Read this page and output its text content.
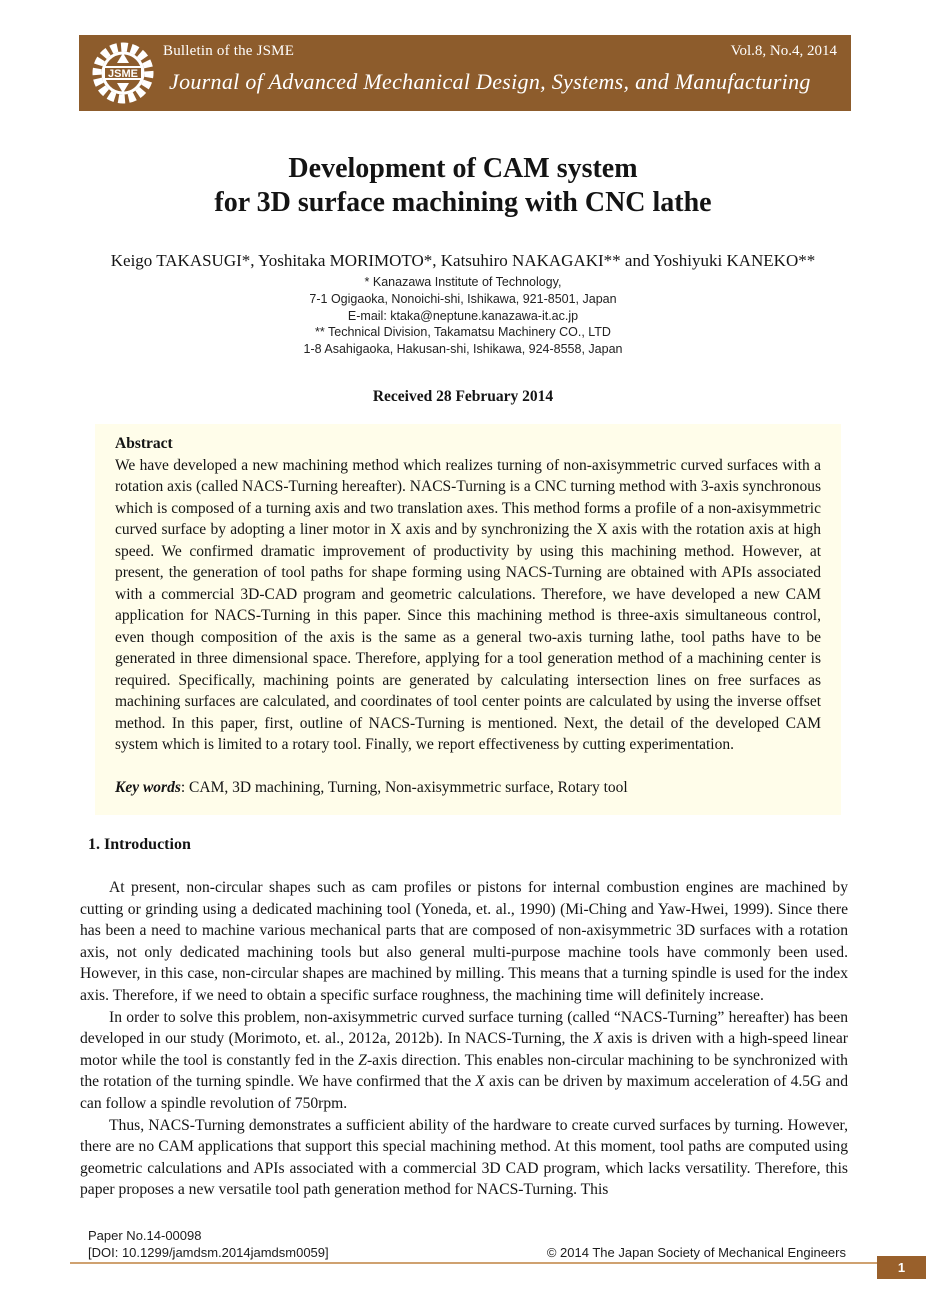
JSME
Bulletin of the JSME	Vol.8, No.4, 2014
Journal of Advanced Mechanical Design, Systems, and Manufacturing
Development of CAM system
for 3D surface machining with CNC lathe
Keigo TAKASUGI*, Yoshitaka MORIMOTO*, Katsuhiro NAKAGAKI** and Yoshiyuki KANEKO**
* Kanazawa Institute of Technology,
7-1 Ogigaoka, Nonoichi-shi, Ishikawa, 921-8501, Japan
E-mail: ktaka@neptune.kanazawa-it.ac.jp
** Technical Division, Takamatsu Machinery CO., LTD
1-8 Asahigaoka, Hakusan-shi, Ishikawa, 924-8558, Japan
Received 28 February 2014
Abstract

We have developed a new machining method which realizes turning of non-axisymmetric curved surfaces with a rotation axis (called NACS-Turning hereafter). NACS-Turning is a CNC turning method with 3-axis synchronous which is composed of a turning axis and two translation axes. This method forms a profile of a non-axisymmetric curved surface by adopting a liner motor in X axis and by synchronizing the X axis with the rotation axis at high speed. We confirmed dramatic improvement of productivity by using this machining method. However, at present, the generation of tool paths for shape forming using NACS-Turning are obtained with APIs associated with a commercial 3D-CAD program and geometric calculations. Therefore, we have developed a new CAM application for NACS-Turning in this paper. Since this machining method is three-axis simultaneous control, even though composition of the axis is the same as a general two-axis turning lathe, tool paths have to be generated in three dimensional space. Therefore, applying for a tool generation method of a machining center is required. Specifically, machining points are generated by calculating intersection lines on free surfaces as machining surfaces are calculated, and coordinates of tool center points are calculated by using the inverse offset method. In this paper, first, outline of NACS-Turning is mentioned. Next, the detail of the developed CAM system which is limited to a rotary tool. Finally, we report effectiveness by cutting experimentation.

Key words: CAM, 3D machining, Turning, Non-axisymmetric surface, Rotary tool
1. Introduction

At present, non-circular shapes such as cam profiles or pistons for internal combustion engines are machined by cutting or grinding using a dedicated machining tool (Yoneda, et. al., 1990) (Mi-Ching and Yaw-Hwei, 1999). Since there has been a need to machine various mechanical parts that are composed of non-axisymmetric 3D surfaces with a rotation axis, not only dedicated machining tools but also general multi-purpose machine tools have commonly been used. However, in this case, non-circular shapes are machined by milling. This means that a turning spindle is used for the index axis. Therefore, if we need to obtain a specific surface roughness, the machining time will definitely increase.

In order to solve this problem, non-axisymmetric curved surface turning (called “NACS-Turning” hereafter) has been developed in our study (Morimoto, et. al., 2012a, 2012b). In NACS-Turning, the X axis is driven with a high-speed linear motor while the tool is constantly fed in the Z-axis direction. This enables non-circular machining to be synchronized with the rotation of the turning spindle. We have confirmed that the X axis can be driven by maximum acceleration of 4.5G and can follow a spindle revolution of 750rpm.

Thus, NACS-Turning demonstrates a sufficient ability of the hardware to create curved surfaces by turning. However, there are no CAM applications that support this special machining method. At this moment, tool paths are computed using geometric calculations and APIs associated with a commercial 3D CAD program, which lacks versatility. Therefore, this paper proposes a new versatile tool path generation method for NACS-Turning. This

Paper No.14-00098
[DOI: 10.1299/jamdsm.2014jamdsm0059]	© 2014 The Japan Society of Mechanical Engineers
1
